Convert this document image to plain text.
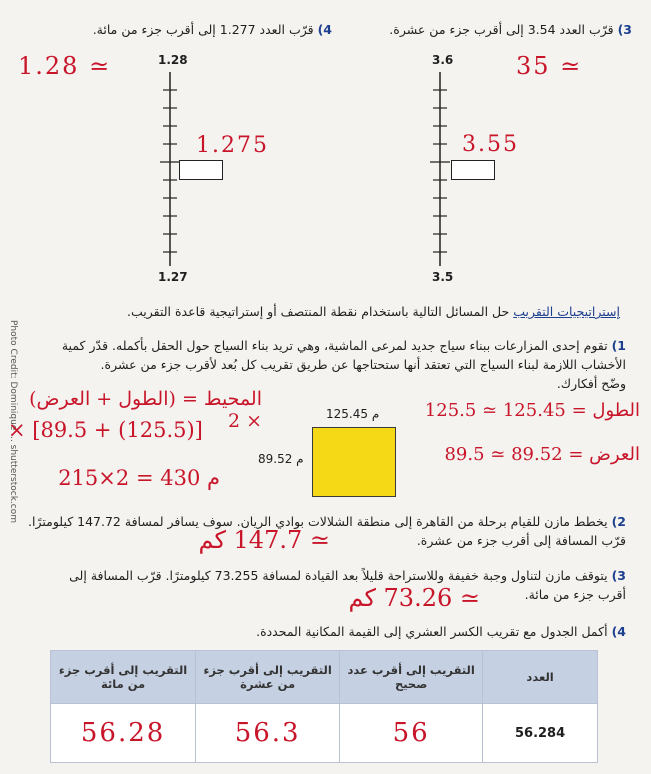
3) قرّب العدد 3.54 إلى أقرب جزء من عشرة.
4) قرّب العدد 1.277 إلى أقرب جزء من مائة.
1.28
1.27
1.28 ≃
1.275
3.6
3.5
35 ≃
3.55
إستراتيجيات التقريب حل المسائل التالية باستخدام نقطة المنتصف أو إستراتيجية قاعدة التقريب.
Photo Credit: Dominique ... shutterstock.com	1) تقوم إحدى المزارعات ببناء سياج جديد لمرعى الماشية، وهي تريد بناء السياج حول الحقل بأكمله. قدّر كمية
الأخشاب اللازمة لبناء السياج التي تعتقد أنها ستحتاجها عن طريق تقريب كل بُعد لأقرب جزء من عشرة.
وضّح أفكارك.
125.45 م
89.52 م
المحيط = (الطول + العرض) × 2
× [89.5 + (125.5)]
م 430 = 2×215
الطول = 125.45 ≃ 125.5
العرض = 89.52 ≃ 89.5
2) يخطط مازن للقيام برحلة من القاهرة إلى منطقة الشلالات بوادي الريان. سوف يسافر لمسافة 147.72 كيلومترًا.
قرّب المسافة إلى أقرب جزء من عشرة.
≃ 147.7 كم
3) يتوقف مازن لتناول وجبة خفيفة وللاستراحة قليلاً بعد القيادة لمسافة 73.255 كيلومترًا. قرّب المسافة إلى
أقرب جزء من مائة.
≃ 73.26 كم
4) أكمل الجدول مع تقريب الكسر العشري إلى القيمة المكانية المحددة.
العدد	التقريب إلى أقرب عدد صحيح	التقريب إلى أقرب جزء من عشرة	التقريب إلى أقرب جزء من مائة
56.284	56	56.3	56.28
